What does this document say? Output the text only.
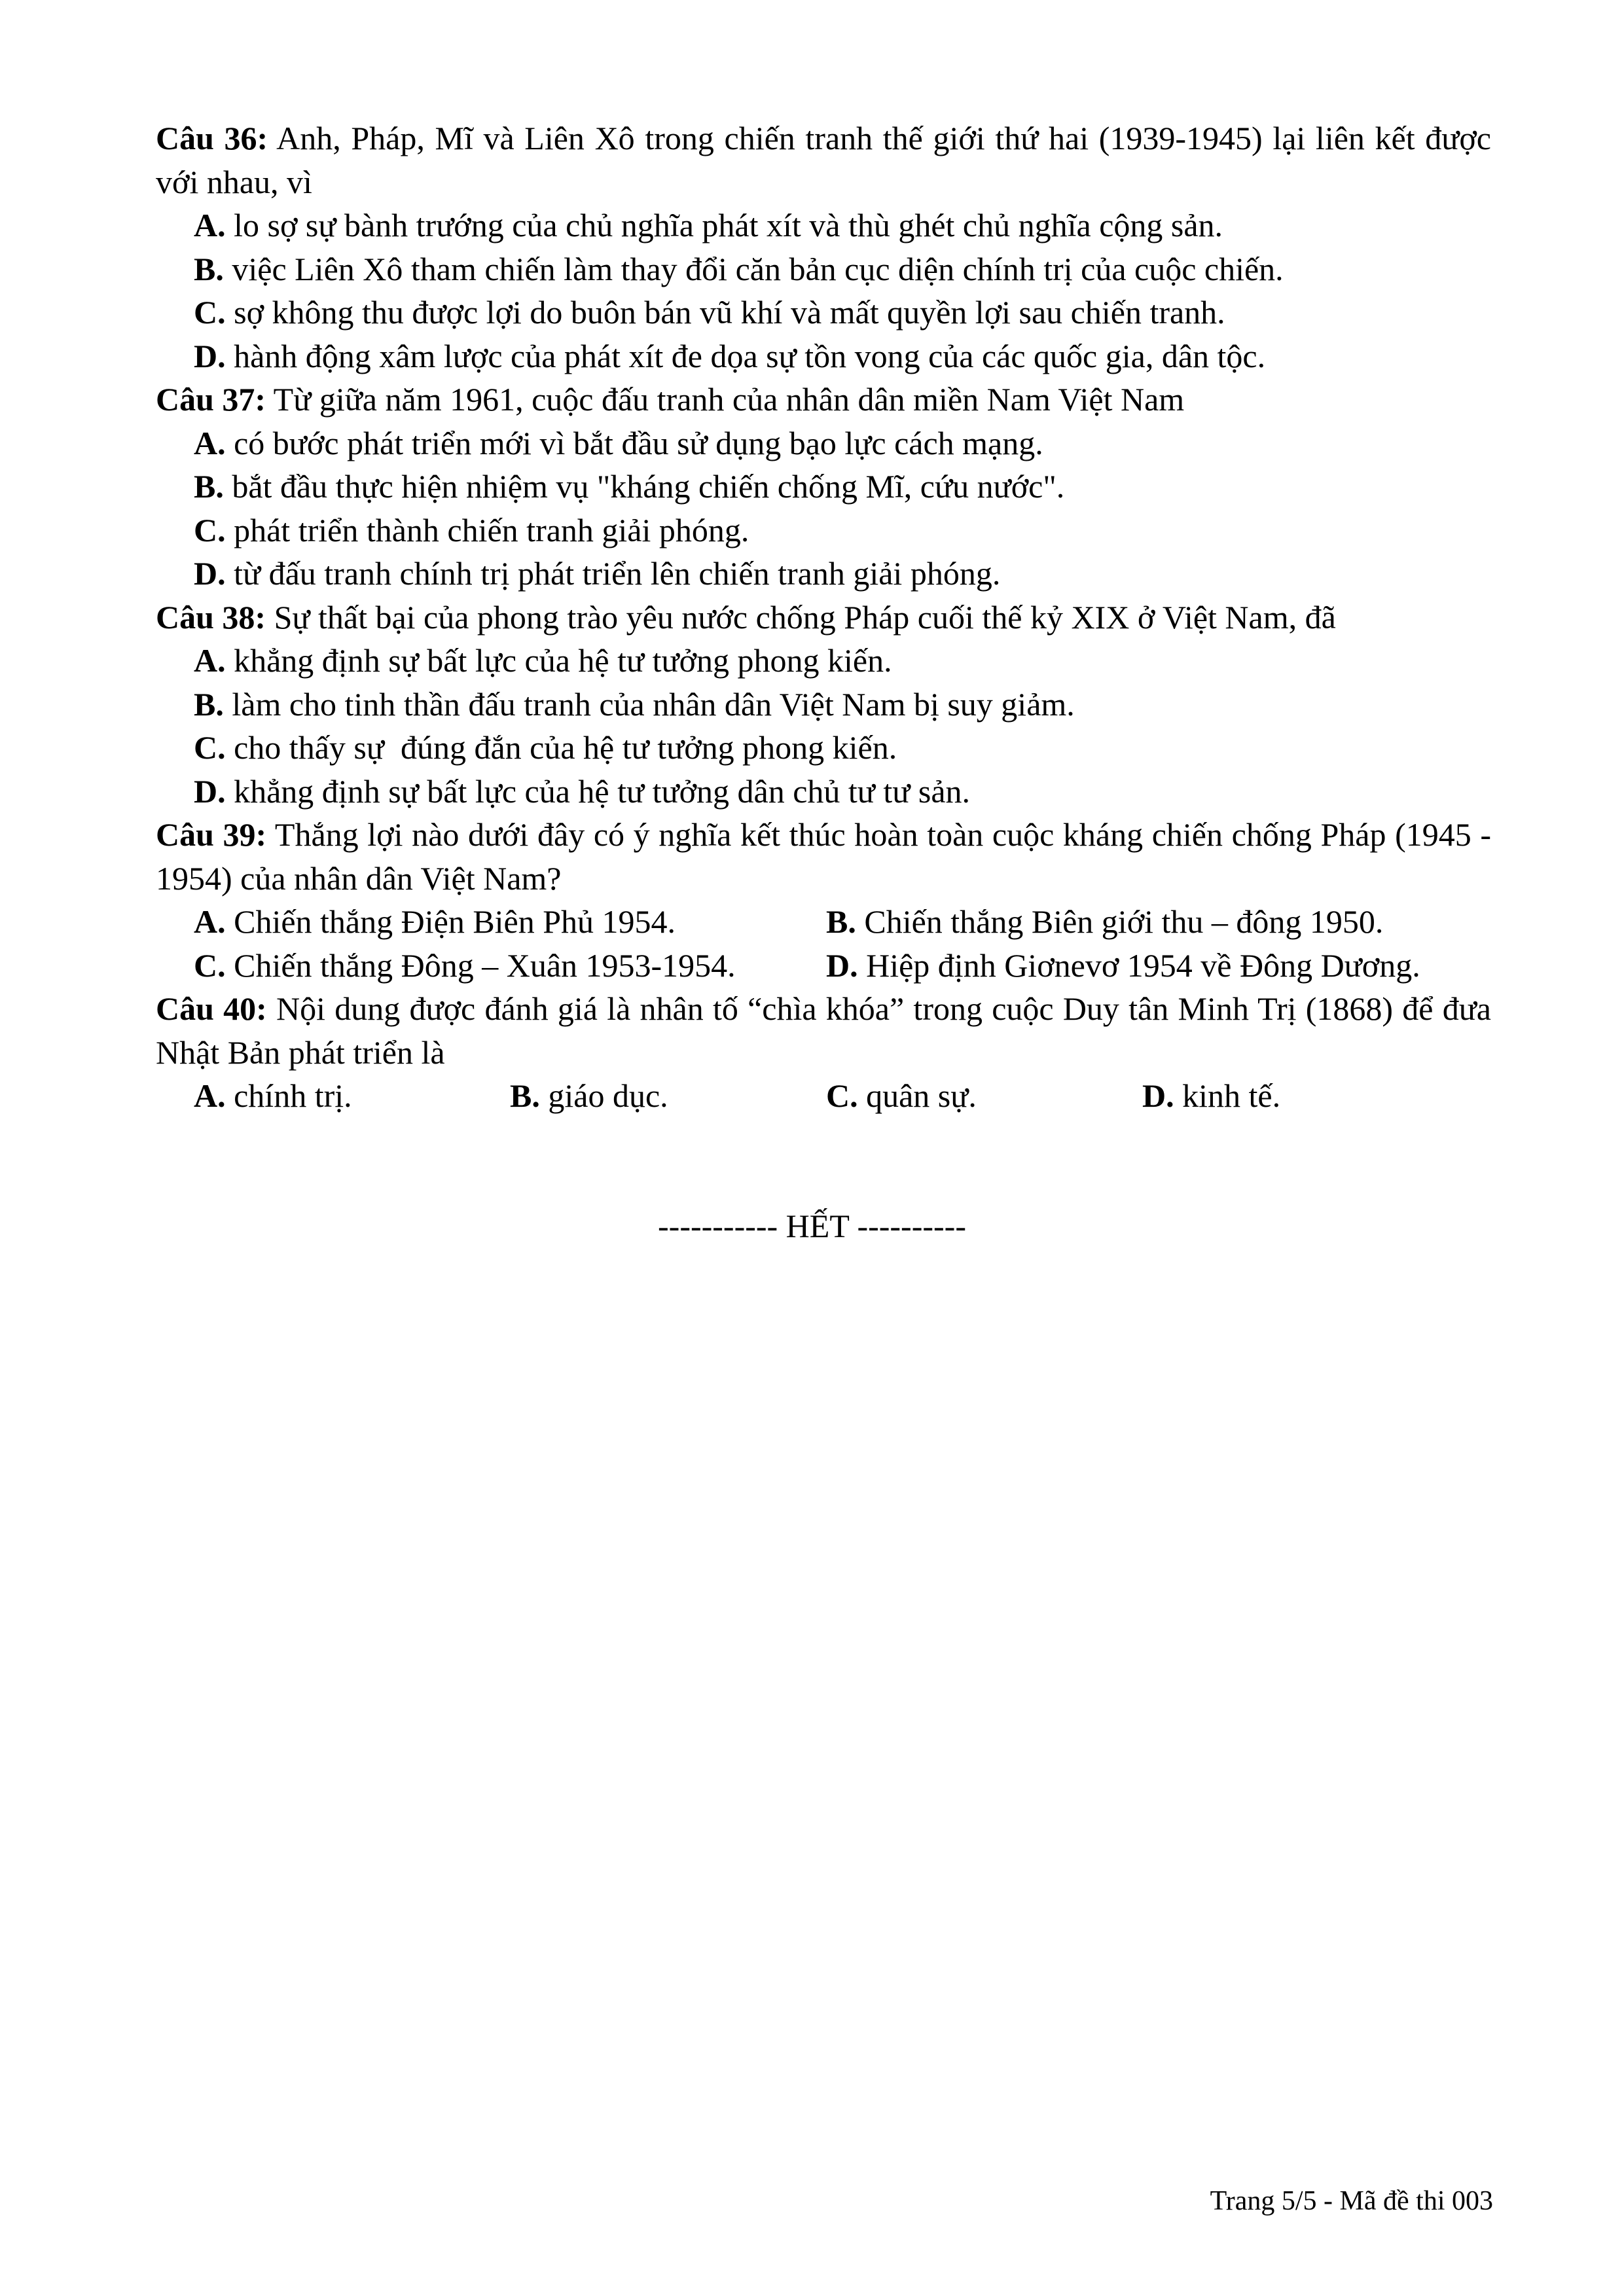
Câu 36: Anh, Pháp, Mĩ và Liên Xô trong chiến tranh thế giới thứ hai (1939-1945) lại liên kết được với nhau, vì
A. lo sợ sự bành trướng của chủ nghĩa phát xít và thù ghét chủ nghĩa cộng sản.
B. việc Liên Xô tham chiến làm thay đổi căn bản cục diện chính trị của cuộc chiến.
C. sợ không thu được lợi do buôn bán vũ khí và mất quyền lợi sau chiến tranh.
D. hành động xâm lược của phát xít đe dọa sự tồn vong của các quốc gia, dân tộc.
Câu 37: Từ giữa năm 1961, cuộc đấu tranh của nhân dân miền Nam Việt Nam
A. có bước phát triển mới vì bắt đầu sử dụng bạo lực cách mạng.
B. bắt đầu thực hiện nhiệm vụ "kháng chiến chống Mĩ, cứu nước".
C. phát triển thành chiến tranh giải phóng.
D. từ đấu tranh chính trị phát triển lên chiến tranh giải phóng.
Câu 38: Sự thất bại của phong trào yêu nước chống Pháp cuối thế kỷ XIX ở Việt Nam, đã
A. khẳng định sự bất lực của hệ tư tưởng phong kiến.
B. làm cho tinh thần đấu tranh của nhân dân Việt Nam bị suy giảm.
C. cho thấy sự  đúng đắn của hệ tư tưởng phong kiến.
D. khẳng định sự bất lực của hệ tư tưởng dân chủ tư tư sản.
Câu 39: Thắng lợi nào dưới đây có ý nghĩa kết thúc hoàn toàn cuộc kháng chiến chống Pháp (1945 - 1954) của nhân dân Việt Nam?
A. Chiến thắng Điện Biên Phủ 1954.	B. Chiến thắng Biên giới thu – đông 1950.
C. Chiến thắng Đông – Xuân 1953-1954.	D. Hiệp định Giơnevơ 1954 về Đông Dương.
Câu 40: Nội dung được đánh giá là nhân tố “chìa khóa” trong cuộc Duy tân Minh Trị (1868) để đưa Nhật Bản phát triển là
A. chính trị.	B. giáo dục.	C. quân sự.	D. kinh tế.
----------- HẾT ----------
Trang 5/5 - Mã đề thi 003
